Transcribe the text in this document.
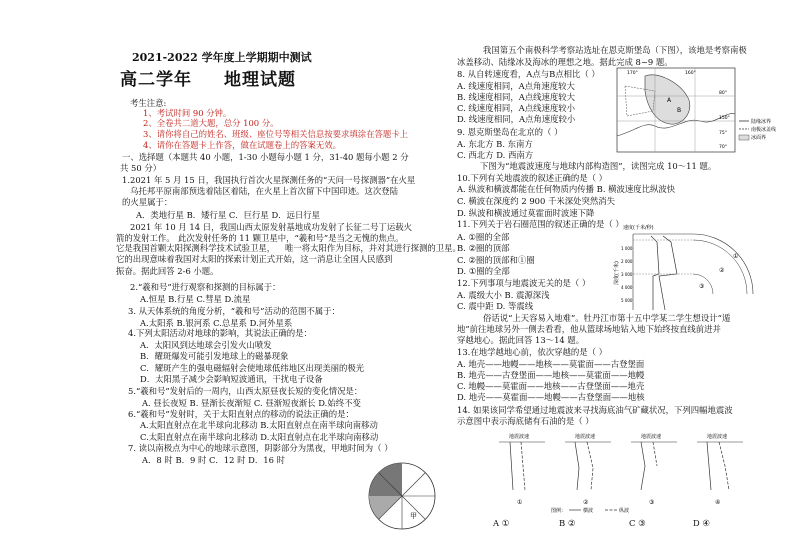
2021-2022 学年度上学期期中测试
高二学年 地理试题
考生注意:
1、考试时间 90 分钟。
2、全卷共二道大题，总分 100 分。
3、请你将自己的姓名、班级、座位号等相关信息按要求填涂在答题卡上
4、请你在答题卡上作答，做在试题卷上的答案无效。
一、选择题（本题共 40 小题，1-30 小题每小题 1 分，31-40 题每小题 2 分
共 50 分）
1.2021 年 5 月 15 日，我国执行首次火星探测任务的“天问一号探测器”在火星
乌托邦平原南部预选着陆区着陆，在火星上首次留下中国印迹。这次登陆
的火星属于：
A．类地行星 B．矮行星 C．巨行星 D．远日行星
2021 年 10 月 14 日，我国山西太原发射基地成功发射了长征二号丁运载火
箭的发射工作。 此次发射任务的 11 颗卫星中，“羲和号”是当之无愧的焦点。
它是我国首颗太阳探测科学技术试验卫星， 唯一将太阳作为目标，并对其进行探测的卫星。
它的出现意味着我国对太阳的探索计划正式开始，这一消息让全国人民感到
振奋。据此回答 2-6 小题。
2.“羲和号”进行观察和探测的目标属于：
A.恒星 B.行星 C.彗星 D.流星
3. 从天体系统的角度分析，“羲和号”活动的范围不属于：
A.太阳系 B.银河系 C.总星系 D.河外星系
4.下列太阳活动对地球的影响，其说法正确的是：
A．太阳风到达地球会引发火山喷发
B．耀斑爆发可能引发地球上的磁暴现象
C．耀斑产生的强电磁辐射会使地球低纬地区出现美丽的极光
D．太阳黑子减少会影响短波通讯，干扰电子设备
5.“羲和号”发射后的一周内，山西太原昼夜长短的变化情况是：
A. 昼长夜短 B. 昼渐长夜渐短 C. 昼渐短夜渐长 D.始终不变
6.“羲和号”发射时，关于太阳直射点的移动的说法正确的是：
A.太阳直射点在北半球向北移动 B.太阳直射点在南半球向南移动
C.太阳直射点在南半球向北移动 D.太阳直射点在北半球向南移动
7. 读以南极点为中心的地球示意图，阴影部分为黑夜，甲地时间为（ ）
A．8 时 B．9 时 C．12 时 D．16 时
甲
我国第五个南极科学考察站选址在恩克斯堡岛（下图），该地是考察南极
冰盖移动、陆缘冰及海冰的理想之地。据此完成 8~9 题。
8. 从自转速度看，A点与B点相比（ ）
A. 线速度相同，A点角速度较大
B. 线速度相同，A点线速度较大
C. 线速度相同，A点线速度较小
D. 线速度相同，A点角速度较小
9. 恩克斯堡岛在北京的（ ）
A. 东北方 B. 东南方
C. 西北方 D. 西南方
下图为“地震波速度与地球内部构造图”，读图完成 10～11 题。
10.下列有关地震波的叙述正确的是（ ）
A. 纵波和横波都能在任何物质内传播 B. 横波速度比纵波快
C. 横波在深度约 2 900 千米深处突然消失
D. 纵波和横波通过莫霍面时波速下降
11.下列关于岩石圈范围的叙述正确的是（ ）
A. ①圈的全部
B. ②圈的顶部
C. ②圈的顶部和①圈
D. ①圈的全部
12.下列事项与地震波无关的是（ ）
A. 震级大小 B. 震源深浅
C. 震中距 D. 等震线
俗话说“上天容易入地难”。牡丹江市第十五中学某二学生想设计“遁
地”前往地球另外一侧去看看，他从篮球场地钻入地下始终按直线前进并
穿越地心。据此回答 13～14 题。
13.在地学越地心前，依次穿越的是（ ）
A. 地壳——地幔——地核——莫霍面——古登堡面
B. 地壳——古登堡面——地核——莫霍面——地幔
C. 地幔——莫霍面——地核——古登堡面——地壳
D. 地壳——莫霍面——地幔——古登堡面——地核
14. 如果该同学希望通过地震波来寻找海底油气矿藏状况，下列四幅地震波
示意图中表示海底储有石油的是（ ）
A
B
170°	160°
80°
150°
75°
70°
陆缘冰界
南极冰盖线
冰面界
速度(千米/秒)
深度(千米)
1 000
2 000
3 000
4 000
5 000
①
②
③
地震波速
①
地震波速
②
地震波速
③
地震波速
④
图例：	横波	纵波
A ①	B ②	C ③	D ④
